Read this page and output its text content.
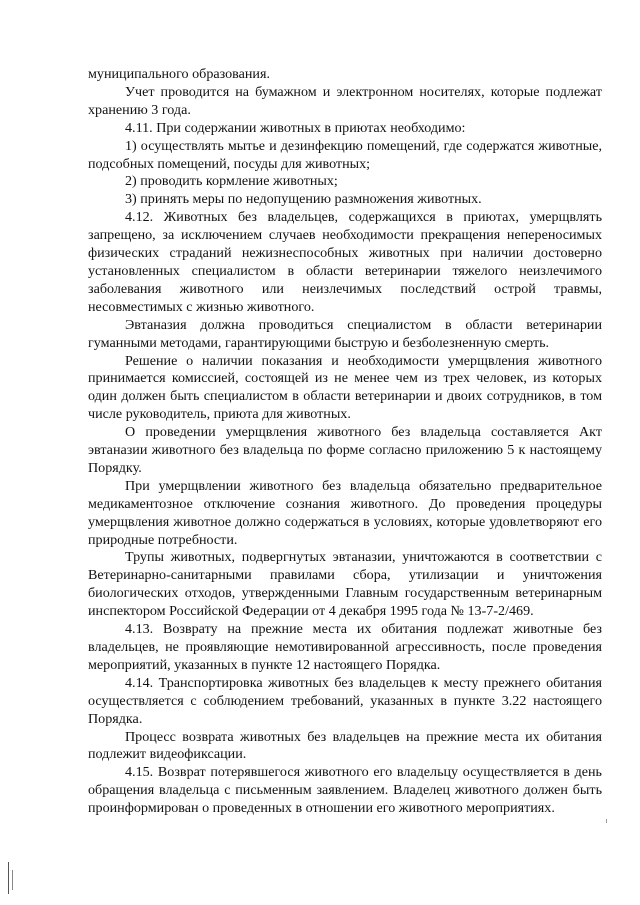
муниципального образования.

Учет проводится на бумажном и электронном носителях, которые подлежат хранению 3 года.

4.11. При содержании животных в приютах необходимо:

1) осуществлять мытье и дезинфекцию помещений, где содержатся животные, подсобных помещений, посуды для животных;

2) проводить кормление животных;

3) принять меры по недопущению размножения животных.

4.12. Животных без владельцев, содержащихся в приютах, умерщвлять запрещено, за исключением случаев необходимости прекращения непереносимых физических страданий нежизнеспособных животных при наличии достоверно установленных специалистом в области ветеринарии тяжелого неизлечимого заболевания животного или неизлечимых последствий острой травмы, несовместимых с жизнью животного.

Эвтаназия должна проводиться специалистом в области ветеринарии гуманными методами, гарантирующими быструю и безболезненную смерть.

Решение о наличии показания и необходимости умерщвления животного принимается комиссией, состоящей из не менее чем из трех человек, из которых один должен быть специалистом в области ветеринарии и двоих сотрудников, в том числе руководитель, приюта для животных.

О проведении умерщвления животного без владельца составляется Акт эвтаназии животного без владельца по форме согласно приложению 5 к настоящему Порядку.

При умерщвлении животного без владельца обязательно предварительное медикаментозное отключение сознания животного. До проведения процедуры умерщвления животное должно содержаться в условиях, которые удовлетворяют его природные потребности.

Трупы животных, подвергнутых эвтаназии, уничтожаются в соответствии с Ветеринарно-санитарными правилами сбора, утилизации и уничтожения биологических отходов, утвержденными Главным государственным ветеринарным инспектором Российской Федерации от 4 декабря 1995 года № 13-7-2/469.

4.13. Возврату на прежние места их обитания подлежат животные без владельцев, не проявляющие немотивированной агрессивность, после проведения мероприятий, указанных в пункте 12 настоящего Порядка.

4.14. Транспортировка животных без владельцев к месту прежнего обитания осуществляется с соблюдением требований, указанных в пункте 3.22 настоящего Порядка.

Процесс возврата животных без владельцев на прежние места их обитания подлежит видеофиксации.

4.15. Возврат потерявшегося животного его владельцу осуществляется в день обращения владельца с письменным заявлением. Владелец животного должен быть проинформирован о проведенных в отношении его животного мероприятиях.
